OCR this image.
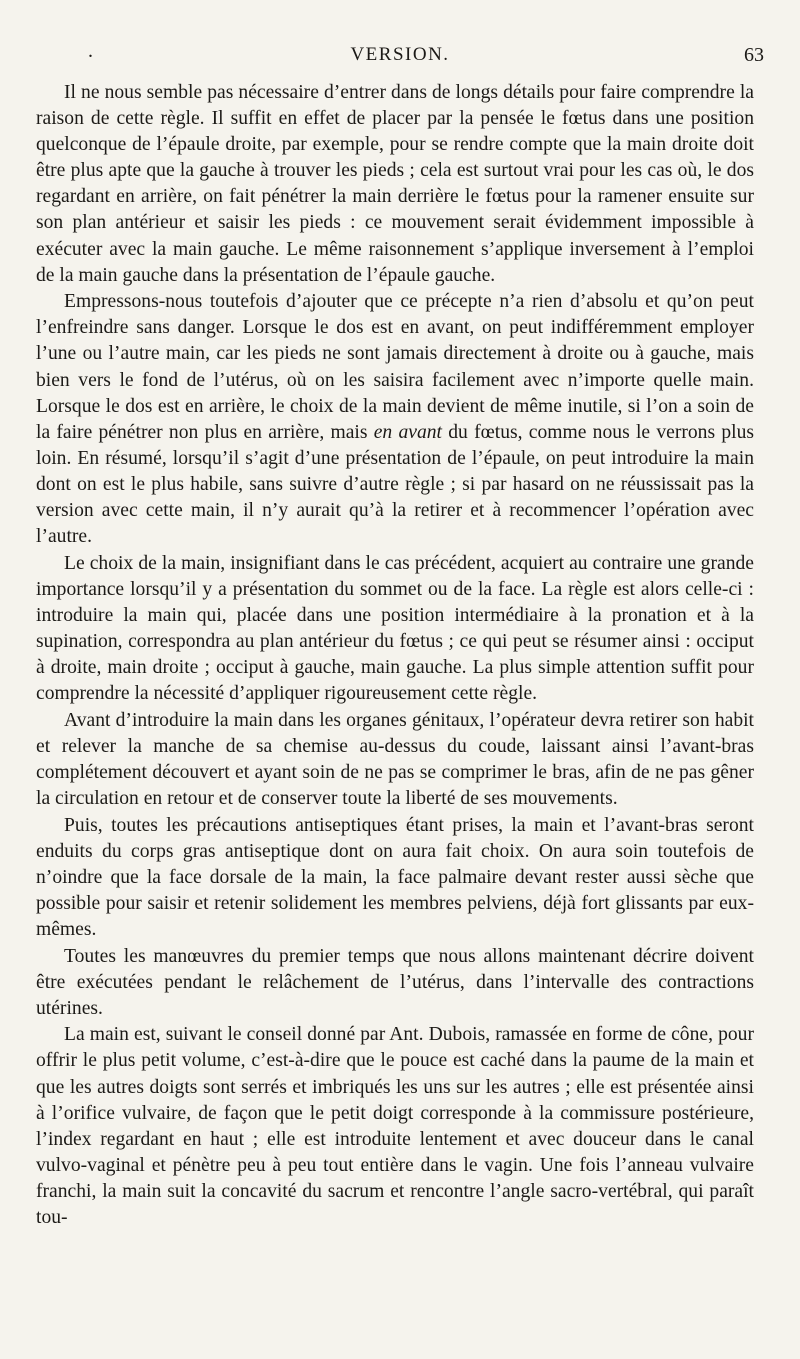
.	VERSION.	63

Il ne nous semble pas nécessaire d’entrer dans de longs détails pour faire comprendre la raison de cette règle. Il suffit en effet de placer par la pensée le fœtus dans une position quelconque de l’épaule droite, par exemple, pour se rendre compte que la main droite doit être plus apte que la gauche à trouver les pieds ; cela est surtout vrai pour les cas où, le dos regardant en arrière, on fait pénétrer la main derrière le fœtus pour la ramener ensuite sur son plan antérieur et saisir les pieds : ce mouvement serait évidemment impossible à exécuter avec la main gauche. Le même raisonnement s’applique inversement à l’emploi de la main gauche dans la présentation de l’épaule gauche.

Empressons-nous toutefois d’ajouter que ce précepte n’a rien d’absolu et qu’on peut l’enfreindre sans danger. Lorsque le dos est en avant, on peut indifféremment employer l’une ou l’autre main, car les pieds ne sont jamais directement à droite ou à gauche, mais bien vers le fond de l’utérus, où on les saisira facilement avec n’importe quelle main. Lorsque le dos est en arrière, le choix de la main devient de même inutile, si l’on a soin de la faire pénétrer non plus en arrière, mais en avant du fœtus, comme nous le verrons plus loin. En résumé, lorsqu’il s’agit d’une présentation de l’épaule, on peut introduire la main dont on est le plus habile, sans suivre d’autre règle ; si par hasard on ne réussissait pas la version avec cette main, il n’y aurait qu’à la retirer et à recommencer l’opération avec l’autre.

Le choix de la main, insignifiant dans le cas précédent, acquiert au contraire une grande importance lorsqu’il y a présentation du sommet ou de la face. La règle est alors celle-ci : introduire la main qui, placée dans une position intermédiaire à la pronation et à la supination, correspondra au plan antérieur du fœtus ; ce qui peut se résumer ainsi : occiput à droite, main droite ; occiput à gauche, main gauche. La plus simple attention suffit pour comprendre la nécessité d’appliquer rigoureusement cette règle.

Avant d’introduire la main dans les organes génitaux, l’opérateur devra retirer son habit et relever la manche de sa chemise au-dessus du coude, laissant ainsi l’avant-bras complétement découvert et ayant soin de ne pas se comprimer le bras, afin de ne pas gêner la circulation en retour et de conserver toute la liberté de ses mouvements.

Puis, toutes les précautions antiseptiques étant prises, la main et l’avant-bras seront enduits du corps gras antiseptique dont on aura fait choix. On aura soin toutefois de n’oindre que la face dorsale de la main, la face palmaire devant rester aussi sèche que possible pour saisir et retenir solidement les membres pelviens, déjà fort glissants par eux-mêmes.

Toutes les manœuvres du premier temps que nous allons maintenant décrire doivent être exécutées pendant le relâchement de l’utérus, dans l’intervalle des contractions utérines.

La main est, suivant le conseil donné par Ant. Dubois, ramassée en forme de cône, pour offrir le plus petit volume, c’est-à-dire que le pouce est caché dans la paume de la main et que les autres doigts sont serrés et imbriqués les uns sur les autres ; elle est présentée ainsi à l’orifice vulvaire, de façon que le petit doigt corresponde à la commissure postérieure, l’index regardant en haut ; elle est introduite lentement et avec douceur dans le canal vulvo-vaginal et pénètre peu à peu tout entière dans le vagin. Une fois l’anneau vulvaire franchi, la main suit la concavité du sacrum et rencontre l’angle sacro-vertébral, qui paraît tou-
